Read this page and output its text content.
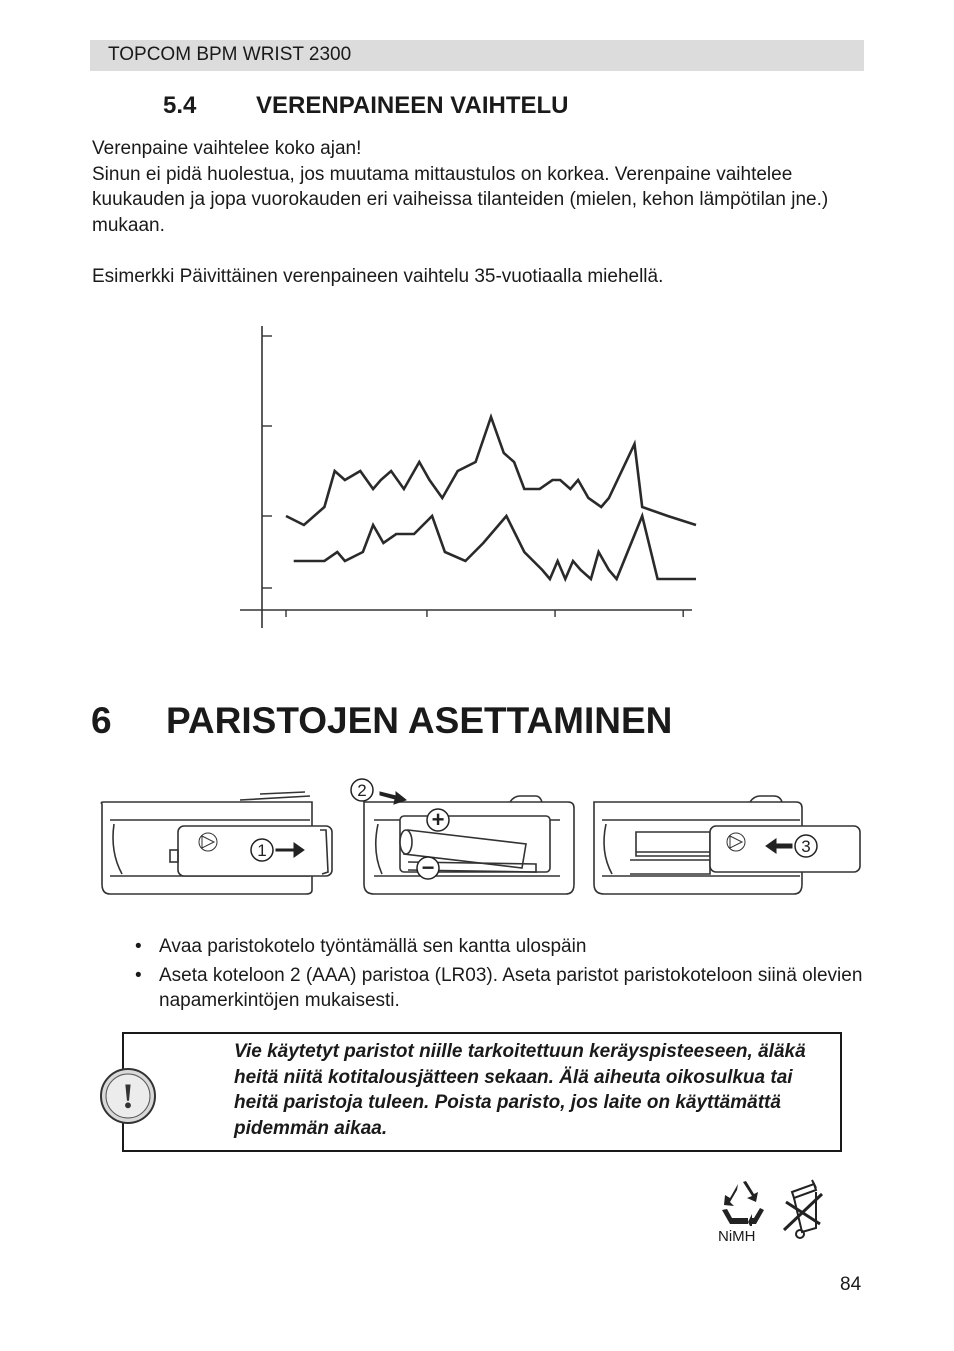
TOPCOM BPM WRIST 2300
5.4 VERENPAINEEN VAIHTELU

Verenpaine vaihtelee koko ajan!
Sinun ei pidä huolestua, jos muutama mittaustulos on korkea. Verenpaine vaihtelee kuukauden ja jopa vuorokauden eri vaiheissa tilanteiden (mielen, kehon lämpötilan jne.) mukaan.

Esimerkki Päivittäinen verenpaineen vaihtelu 35-vuotiaalla miehellä.

6 PARISTOJEN ASETTAMINEN
1
2
3
+
−
• Avaa paristokotelo työntämällä sen kantta ulospäin
• Aseta koteloon 2 (AAA) paristoa (LR03). Aseta paristot paristokoteloon siinä olevien napamerkintöjen mukaisesti.
!

Vie käytetyt paristot niille tarkoitettuun keräyspisteeseen, äläkä heitä niitä kotitalousjätteen sekaan. Älä aiheuta oikosulkua tai heitä paristoja tuleen. Poista paristo, jos laite on käyttämättä pidemmän aikaa.

NiMH
84
